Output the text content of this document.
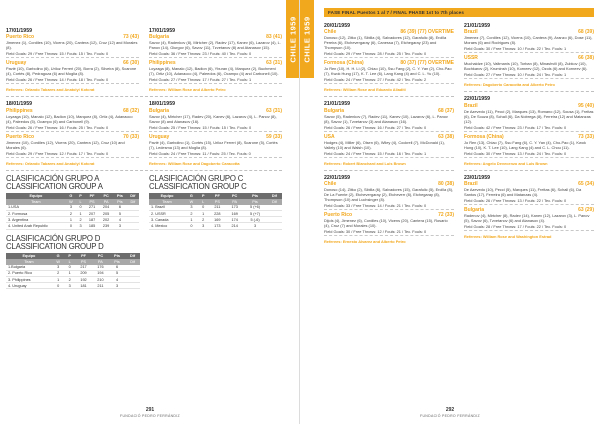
CHILE 1959
17/01/1959
Puerto Rico	73 (43)
Jimenez (1), Cordiles (10), Vicens (20), Cantera (12), Cruz (12) and Morales (8).
Field Goals: 29 / Free Throws: 15 / Fouls: 15 / Tec. Fouls: 0
Uruguay	66 (30)
Pavié (10), Garbolino (6), Uriloz Ferreri (20), Borra (2), Silveira (8), Scarone (4), Cortés (8), Pedragoza (6) and Moglia (8).
Field Goals: 26 / Free Throws: 14 / Fouls: 18 / Tec. Fouls: 0
Referees: Orlando Tabares and Anatolyi Kotcrat
17/01/1959
Bulgaria	83 (41)
Savov (4), Radenkov (8), Mirtcher (2), Radev (17), Kanev (6), Lazarov (4), L. Panov (14), Giurgov (6), Savov (11), Tzvetanov (8) and Atanasov (15).
Field Goals: 36 / Free Throws: 23 / Fouls: 40 / Tec. Fouls: 0
Philippines	63 (31)
Loyzaga (8), Manalo (12), Badion (6), Yburan (4), Marquez (2), Buchmeni (7), Ortiz (10), Adanacco (4), Paleedos (6), Ocampo (4) and Carbonell (10).
Field Goals: 27 / Free Throws: 17 / Fouls: 27 / Tec. Fouls: 1
Referees: William Rose and Alberto Petro
18/01/1959
Philippines	68 (32)
Loyzaga (10), Manalo (12), Badion (10), Marquez (8), Ortiz (4), Adanacco (4), Paleedos (5), Ocampo (6) and Carbonell (9).
Field Goals: 26 / Free Throws: 16 / Fouls: 25 / Tec. Fouls: 0
Puerto Rico	70 (33)
Jimenez (10), Cordiles (12), Vicens (20), Cantera (12), Cruz (10) and Morales (6).
Field Goals: 29 / Free Throws: 12 / Fouls: 17 / Tec. Fouls: 0
Referees: Orlando Tabares and Anatolyi Kotcrat
18/01/1959
Bulgaria	63 (31)
Savov (4), Mirtcher (17), Radev (20), Kanev (6), Lazarov (4), L. Panov (8), Savov (8) and Atanasov (16).
Field Goals: 25 / Free Throws: 15 / Fouls: 15 / Tec. Fouls: 0
Uruguay	59 (33)
Pavié (4), Garbolino (1), Cortés (15), Uriloz Ferreri (8), Scarone (5), Cortés (7), Ledesma (13) and Moglia (8).
Field Goals: 24 / Free Throws: 11 / Fouls: 25 / Tec. Fouls: 0
Referees: William Rose and Dagoberto Caracotta
CLASIFICACIÓN GRUPO A
CLASSIFICATION GROUP A
Equipo	G	P	PF	PC	Pts	Dif
Team	W	L	PS	PA	Pts	Dif
1.USA	3	0	271	204	6	
2. Formosa	2	1	207	205	5	
3. Argentina	1	2	187	202	4	
4. United Arab Republic	0	3	185	239	3	
CLASIFICACIÓN GRUPO C
CLASSIFICATION GROUP C
Equipo	G	P	PF	PC	Pts	Dif
Team	W	L	PS	PA	Pts	Dif
1. Brazil	3	0	211	173	5 (+6)	
2. USSR	2	1	228	169	5 (+7)	
3. Canada	1	2	169	174	5 (-6)	
4. Mexico	0	3	173	214	3	
CLASIFICACIÓN GRUPO D
CLASSIFICATION GROUP D
Equipo	G	P	PF	PC	Pts	Dif
Team	W	L	PS	PA	Pts	Dif
1.Bulgaria	3	0	217	176	6	
2. Puerto Rico	2	1	209	194	5	
3. Philippines	1	2	192	210	4	
4. Uruguay	0	3	181	211	3	
291
FUNDACIÓ PEDRO FERRÁNDIZ
CHILE 1959
FASE FINAL Puestos 1 al 7 / FINAL PHASE 1st to 7th places
20/01/1959
Chile	86 (39) (77) OVERTIME
Donoso (12), Zitko (1), Sibilla (4), Salvadores (12), Garafulic (8), Ercilla Pereira (6), Etchevergaray (6), Canessa (7), Etchegaray (23) and Thompson (10).
Field Goals: 29 / Free Throws: 28 / Fouls: 25 / Tec. Fouls: 0
Formosa (China)	80 (37) (77) OVERTIME
Jo Ren (10), H. H. Li (2), Chiao (10), Ssu Fang (2), C. Y. Yan (2), Cho-Pao (7), Kwok Hung (17), K. T. Lee (6), Lang Kang (4) and C. L. Yu (10).
Field Goals: 24 / Free Throws: 27 / Fouls: 42 / Tec. Fouls: 2
Referees: William Rose and Eduardo Aliaditi
21/01/1959
Bulgaria	68 (37)
Savov (5), Radenkov (7), Radev (11), Kanev (10), Lazarov (6), L. Panov (8), Savov (1), Tzvetanov (3) and Atanasov (16).
Field Goals: 26 / Free Throws: 16 / Fouls: 27 / Tec. Fouls: 0
USA	63 (38)
Hodges (4), Miller (6), Olsen (6), Wiley (4), Cockrell (7), McDonald (1), Vallely (10) and Walsh (10).
Field Goals: 24 / Free Throws: 15 / Fouls: 16 / Tec. Fouls: 1
Referees: Robert Blanchard and Luis Brown
22/01/1959
Chile	80 (38)
Donoso (14), Zitko (2), Sibilla (6), Salvadores (15), Garafulic (5), Ercilla (8), De La Fuente (2), Etchevergaray (2), Etcheverr (8), Etchegaray (8), Thompson (10) and Luchsinger (8).
Field Goals: 33 / Free Throws: 14 / Fouls: 21 / Tec. Fouls: 0
Puerto Rico	72 (33)
Dijols (4), Jimenez (6), Cordiles (10), Vicens (20), Cantera (15), Rosario (4), Cruz (7) and Morales (10).
Field Goals: 30 / Free Throws: 12 / Fouls: 21 / Tec. Fouls: 0
Referees: Ernesto Alvarez and Alberto Petro
21/01/1959
Brazil	68 (39)
Jimenez (7), Cordiles (12), Vicens (10), Cantera (9), Aranzo (6), Dose (11), Moraes (6) and Rodrigues (8).
Field Goals: 30 / Free Throws: 10 / Fouls: 22 / Tec. Fouls: 1
USSR	66 (38)
Muchaidze (10), Valtmanis (10), Torban (8), Minashvili (8), Zubkov (10), Bochkarov (2), Kruminsh (10), Korneev (12), Ozols (6) and Korneev (6).
Field Goals: 27 / Free Throws: 10 / Fouls: 24 / Tec. Fouls: 1
Referees: Dagoberto Caracotta and Alberto Petro
22/01/1959
Brazil	95 (40)
De Azevedo (11), Pecci (2), Marques (13), Romano (12), Sousa (1), Freitas (6), De Souza (8), Schall (6), Da Nobrega (8), Ferreira (12) and Matanzas (12).
Field Goals: 42 / Free Throws: 23 / Fouls: 17 / Tec. Fouls: 0
Formosa (China)	73 (33)
Jo Ren (13), Chiao (7), Ssu Fang (6), C. Y. Yan (4), Cho-Pao (1), Kwok Hung (10), K. T. Lee (10), Lang Kang (4) and C. L. Chou (11).
Field Goals: 30 / Free Throws: 13 / Fouls: 24 / Tec. Fouls: 0
Referees: Angelo Devecenzo and Luis Brown
23/01/1959
Brazil	65 (34)
De Azevedo (10), Pecci (5), Marques (11), Freitas (6), Schall (6), Da Santos (17), Ferreira (6) and Matanzas (4).
Field Goals: 26 / Free Throws: 13 / Fouls: 22 / Tec. Fouls: 0
Bulgaria	63 (29)
Radenov (4), Mirtcher (8), Radev (14), Kanev (12), Lazarov (3), L. Panov (5), Savov (6), Tzvetanov (6) and Atanasov (4).
Field Goals: 28 / Free Throws: 17 / Fouls: 22 / Tec. Fouls: 0
Referees: William Rose and Washington Estrad
292
FUNDACIÓ PEDRO FERRÁNDIZ
